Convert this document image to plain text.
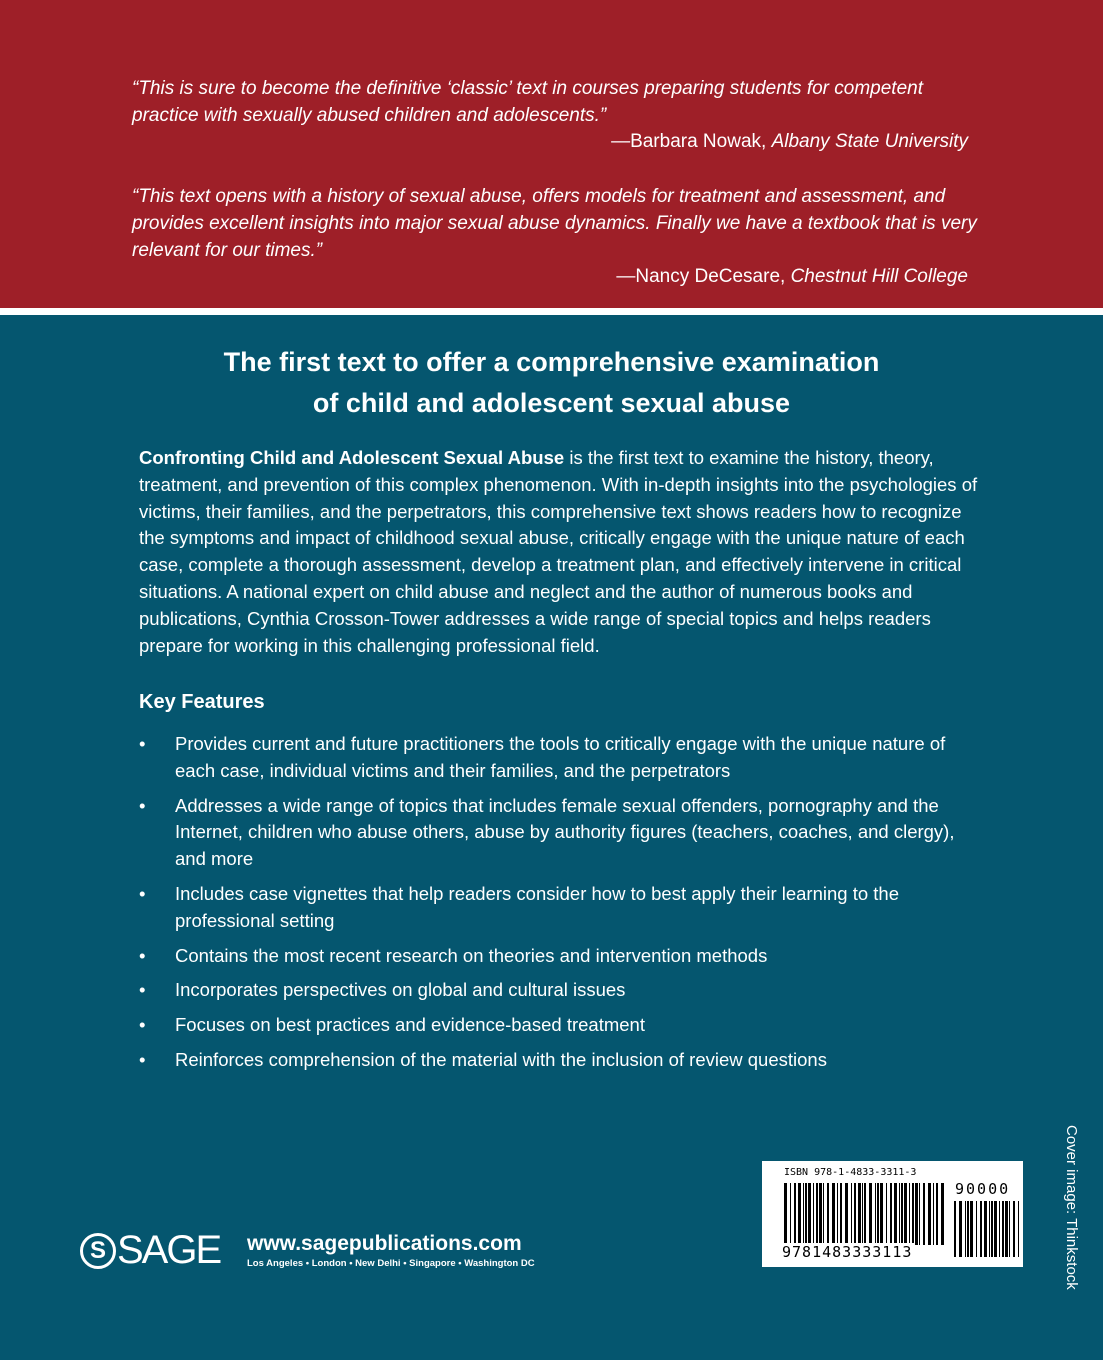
“This is sure to become the definitive ‘classic’ text in courses preparing students for competent practice with sexually abused children and adolescents.”
—Barbara Nowak, Albany State University
“This text opens with a history of sexual abuse, offers models for treatment and assessment, and provides excellent insights into major sexual abuse dynamics. Finally we have a textbook that is very relevant for our times.”
—Nancy DeCesare, Chestnut Hill College
The first text to offer a comprehensive examination
of child and adolescent sexual abuse
Confronting Child and Adolescent Sexual Abuse is the first text to examine the history, theory, treatment, and prevention of this complex phenomenon. With in-depth insights into the psychologies of victims, their families, and the perpetrators, this comprehensive text shows readers how to recognize the symptoms and impact of childhood sexual abuse, critically engage with the unique nature of each case, complete a thorough assessment, develop a treatment plan, and effectively intervene in critical situations. A national expert on child abuse and neglect and the author of numerous books and publications, Cynthia Crosson-Tower addresses a wide range of special topics and helps readers prepare for working in this challenging professional field.
Key Features
• Provides current and future practitioners the tools to critically engage with the unique nature of each case, individual victims and their families, and the perpetrators
• Addresses a wide range of topics that includes female sexual offenders, pornography and the Internet, children who abuse others, abuse by authority figures (teachers, coaches, and clergy), and more
• Includes case vignettes that help readers consider how to best apply their learning to the professional setting
• Contains the most recent research on theories and intervention methods
• Incorporates perspectives on global and cultural issues
• Focuses on best practices and evidence-based treatment
• Reinforces comprehension of the material with the inclusion of review questions
S SAGE www.sagepublications.com
Los Angeles • London • New Delhi • Singapore • Washington DC
ISBN 978-1-4833-3311-3
90000
9781483333113	Cover image: Thinkstock
